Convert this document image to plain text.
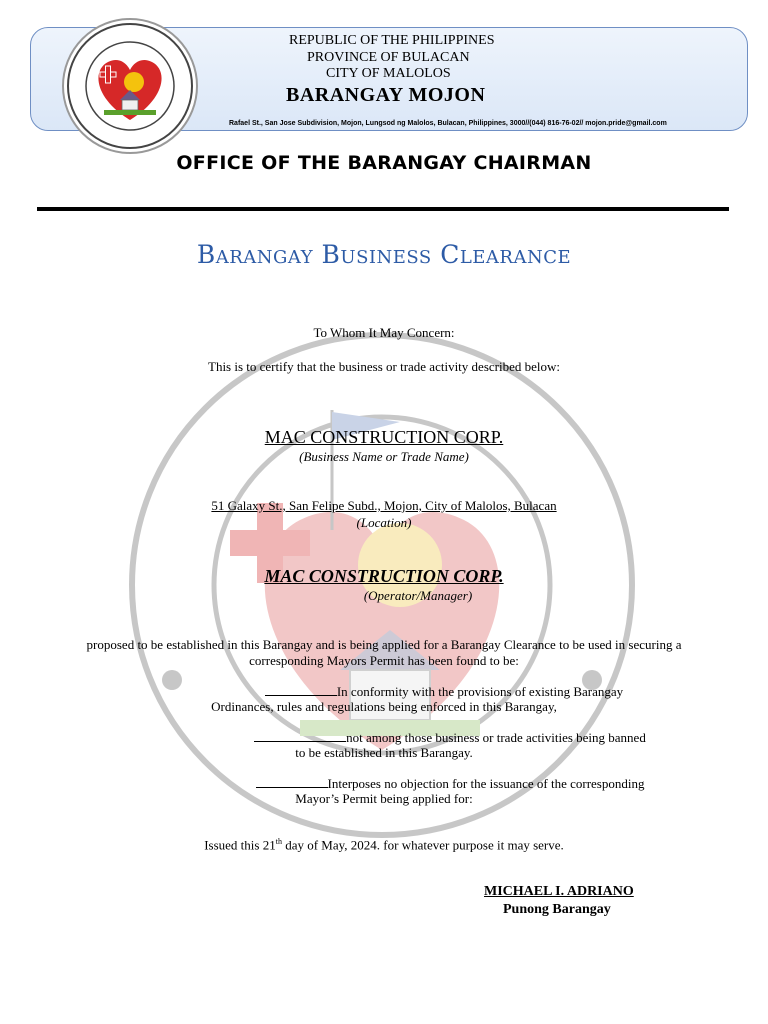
REPUBLIC OF THE PHILIPPINES
PROVINCE OF BULACAN
CITY OF MALOLOS
BARANGAY MOJON
Rafael St., San Jose Subdivision, Mojon, Lungsod ng Malolos, Bulacan, Philippines, 3000//(044) 816-76-02// mojon.pride@gmail.com
OFFICE OF THE BARANGAY CHAIRMAN
Barangay Business Clearance
To Whom It May Concern:
This is to certify that the business or trade activity described below:
MAC CONSTRUCTION CORP.
(Business Name or Trade Name)
51 Galaxy St., San Felipe Subd., Mojon, City of Malolos, Bulacan
(Location)
MAC CONSTRUCTION CORP.
(Operator/Manager)
proposed to be established in this Barangay and is being applied for a Barangay Clearance to be used in securing a
corresponding Mayors Permit has been found to be:
In conformity with the provisions of existing Barangay
Ordinances, rules and regulations being enforced in this Barangay,
not among those business or trade activities being banned
to be established in this Barangay.
Interposes no objection for the issuance of the corresponding
Mayor’s Permit being applied for:
Issued this 21th day of May, 2024. for whatever purpose it may serve.
MICHAEL I. ADRIANO
Punong Barangay
